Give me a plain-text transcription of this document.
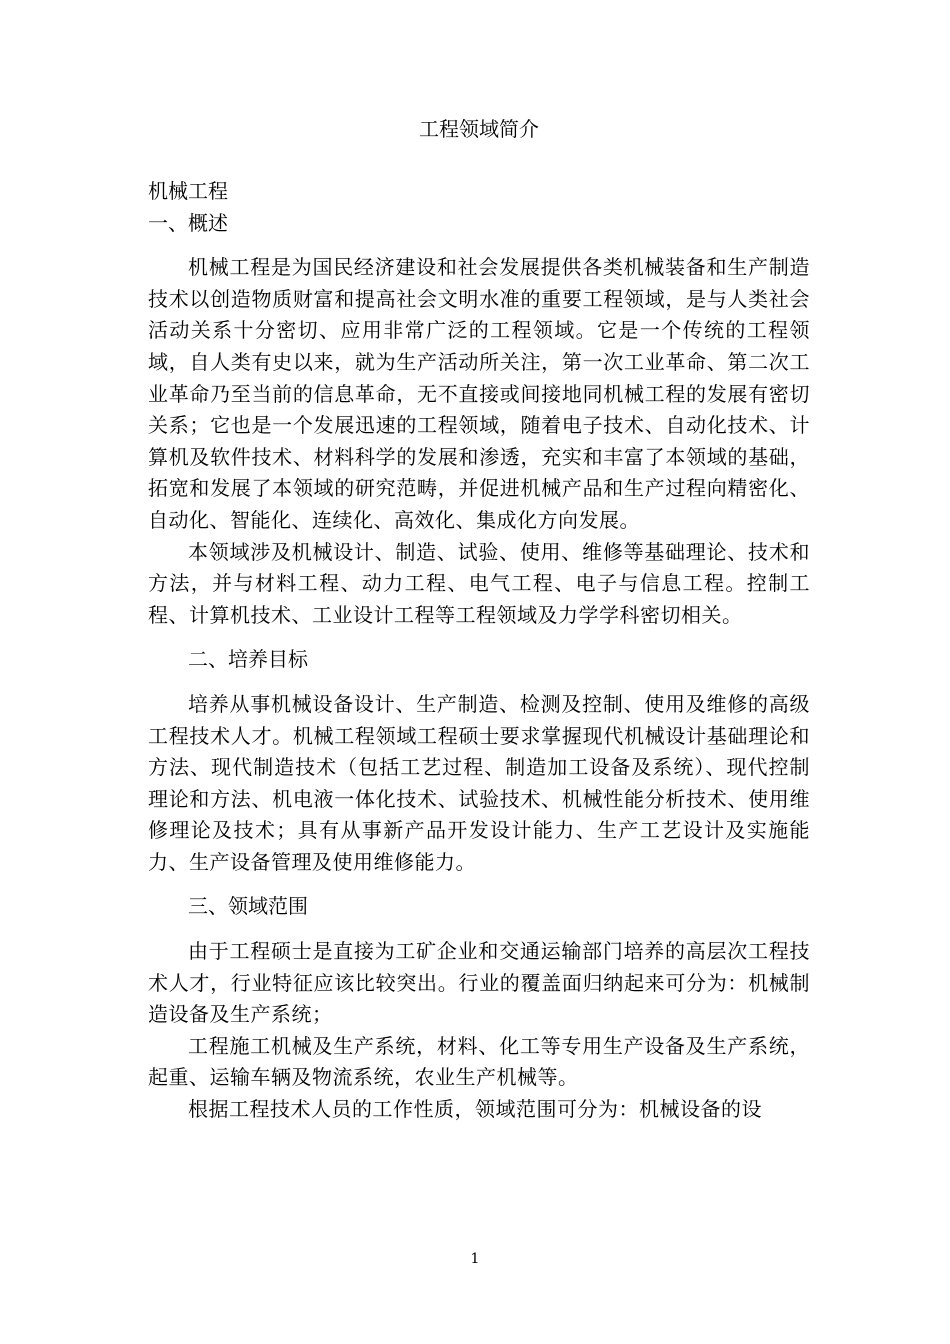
工程领域简介

机械工程

一、概述

机械工程是为国民经济建设和社会发展提供各类机械装备和生产制造技术以创造物质财富和提高社会文明水准的重要工程领域，是与人类社会活动关系十分密切、应用非常广泛的工程领域。它是一个传统的工程领域，自人类有史以来，就为生产活动所关注，第一次工业革命、第二次工业革命乃至当前的信息革命，无不直接或间接地同机械工程的发展有密切关系；它也是一个发展迅速的工程领域，随着电子技术、自动化技术、计算机及软件技术、材料科学的发展和渗透，充实和丰富了本领域的基础，拓宽和发展了本领域的研究范畴，并促进机械产品和生产过程向精密化、自动化、智能化、连续化、高效化、集成化方向发展。

本领域涉及机械设计、制造、试验、使用、维修等基础理论、技术和方法，并与材料工程、动力工程、电气工程、电子与信息工程。控制工程、计算机技术、工业设计工程等工程领域及力学学科密切相关。

二、培养目标

培养从事机械设备设计、生产制造、检测及控制、使用及维修的高级工程技术人才。机械工程领域工程硕士要求掌握现代机械设计基础理论和方法、现代制造技术（包括工艺过程、制造加工设备及系统）、现代控制理论和方法、机电液一体化技术、试验技术、机械性能分析技术、使用维修理论及技术；具有从事新产品开发设计能力、生产工艺设计及实施能力、生产设备管理及使用维修能力。

三、领域范围

由于工程硕士是直接为工矿企业和交通运输部门培养的高层次工程技术人才，行业特征应该比较突出。行业的覆盖面归纳起来可分为：机械制造设备及生产系统；

工程施工机械及生产系统，材料、化工等专用生产设备及生产系统，起重、运输车辆及物流系统，农业生产机械等。

根据工程技术人员的工作性质，领域范围可分为：机械设备的设

1
